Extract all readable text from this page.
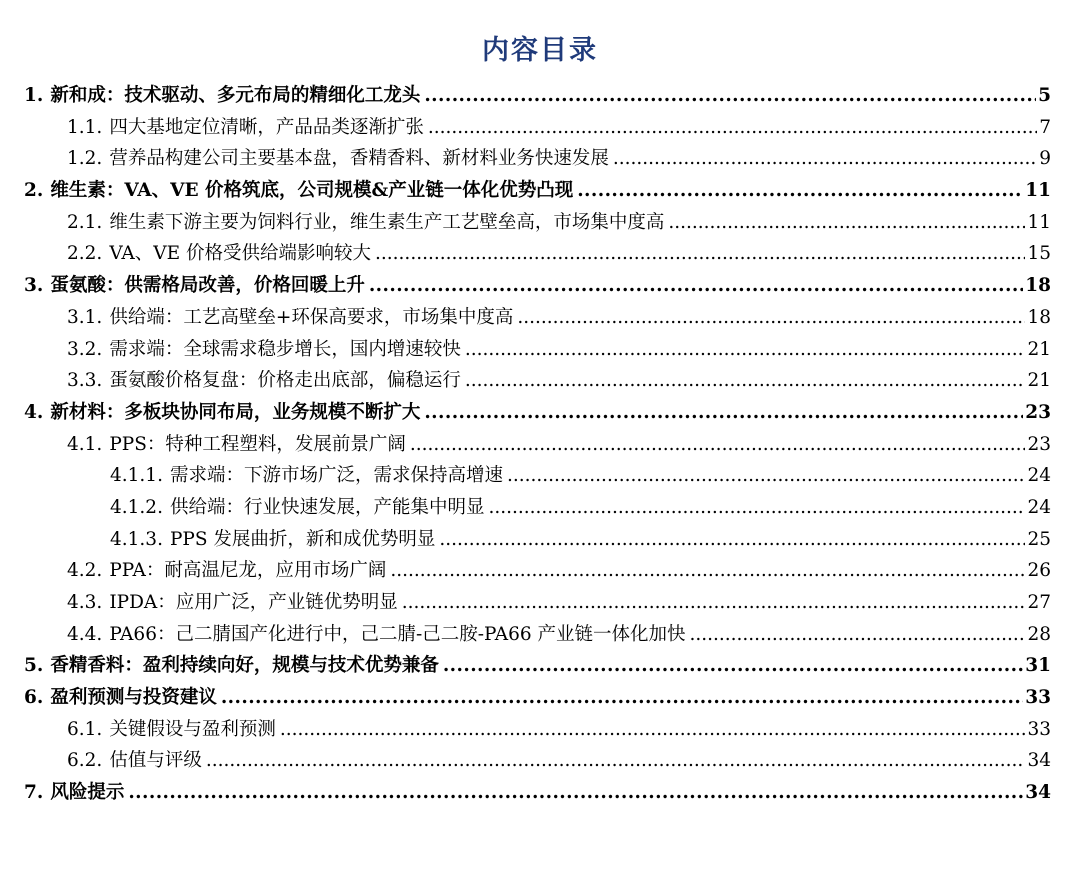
内容目录
1. 新和成：技术驱动、多元布局的精细化工龙头 .....	5
1.1. 四大基地定位清晰，产品品类逐渐扩张 .....	7
1.2. 营养品构建公司主要基本盘，香精香料、新材料业务快速发展 .....	9
2. 维生素：VA、VE 价格筑底，公司规模&产业链一体化优势凸现 .....	11
2.1. 维生素下游主要为饲料行业，维生素生产工艺壁垒高，市场集中度高 .....	11
2.2. VA、VE 价格受供给端影响较大 .....	15
3. 蛋氨酸：供需格局改善，价格回暖上升 .....	18
3.1. 供给端：工艺高壁垒+环保高要求，市场集中度高 .....	18
3.2. 需求端：全球需求稳步增长，国内增速较快 .....	21
3.3. 蛋氨酸价格复盘：价格走出底部，偏稳运行 .....	21
4. 新材料：多板块协同布局，业务规模不断扩大 .....	23
4.1. PPS：特种工程塑料，发展前景广阔 .....	23
4.1.1. 需求端：下游市场广泛，需求保持高增速 .....	24
4.1.2. 供给端：行业快速发展，产能集中明显 .....	24
4.1.3. PPS 发展曲折，新和成优势明显 .....	25
4.2. PPA：耐高温尼龙，应用市场广阔 .....	26
4.3. IPDA：应用广泛，产业链优势明显 .....	27
4.4. PA66：己二腈国产化进行中，己二腈-己二胺-PA66 产业链一体化加快 .....	28
5. 香精香料：盈利持续向好，规模与技术优势兼备 .....	31
6. 盈利预测与投资建议 .....	33
6.1. 关键假设与盈利预测 .....	33
6.2. 估值与评级 .....	34
7. 风险提示 .....	34
